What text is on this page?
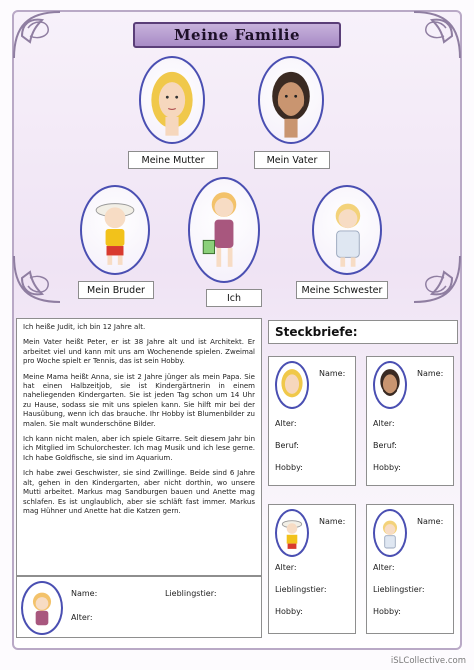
Meine Familie
Meine Mutter	Mein Vater
Mein Bruder
Ich
Meine Schwester

Ich heiße Judit, ich bin 12 Jahre alt.

Mein Vater heißt Peter, er ist 38 Jahre alt und ist Architekt. Er arbeitet viel und kann mit uns am Wochenende spielen. Zweimal pro Woche spielt er Tennis, das ist sein Hobby.

Meine Mama heißt Anna, sie ist 2 Jahre jünger als mein Papa. Sie hat einen Halbzeitjob, sie ist Kindergärtnerin in einem naheliegenden Kindergarten. Sie ist jeden Tag schon um 14 Uhr zu Hause, sodass sie mit uns spielen kann. Sie hilft mir bei der Hausübung, wenn ich das brauche. Ihr Hobby ist Blumenbilder zu malen. Sie malt wunderschöne Bilder.

Ich kann nicht malen, aber ich spiele Gitarre. Seit diesem Jahr bin ich Mitglied im Schulorchester. Ich mag Musik und ich lese gerne. Ich habe Goldfische, sie sind im Aquarium.

Ich habe zwei Geschwister, sie sind Zwillinge. Beide sind 6 Jahre alt, gehen in den Kindergarten, aber nicht dorthin, wo unsere Mutti arbeitet. Markus mag Sandburgen bauen und Anette mag schlafen. Es ist unglaublich, aber sie schläft fast immer. Markus mag Hühner und Anette hat die Katzen gern.

Name:
Alter:
Lieblingstier:
Steckbriefe:
Name:
Alter:
Beruf:
Hobby:
Name:
Alter:
Beruf:
Hobby:
Name:
Alter:
Lieblingstier:
Hobby:
Name:
Alter:
Lieblingstier:
Hobby:
iSLCollective.com
